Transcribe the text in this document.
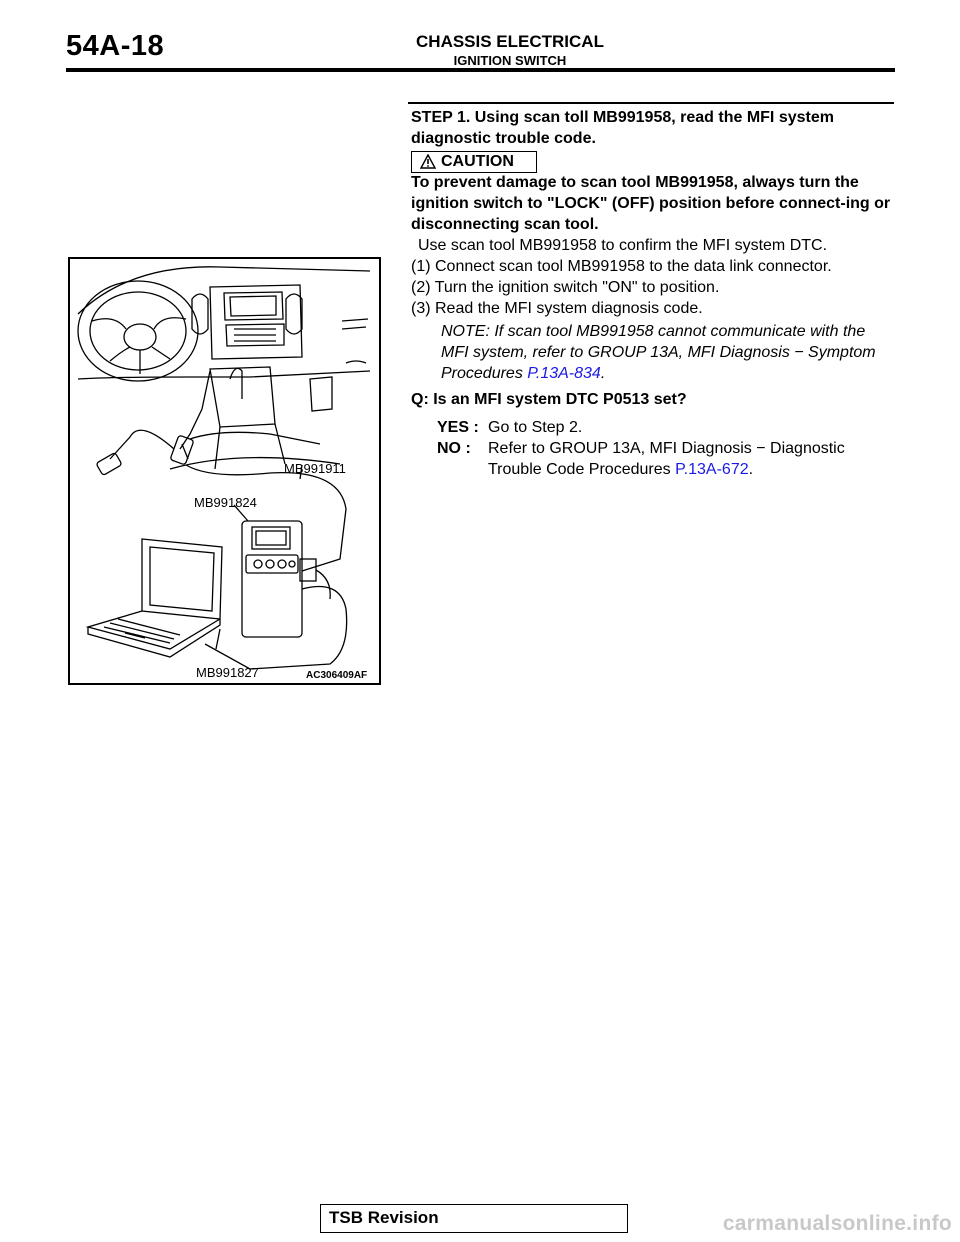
54A-18	CHASSIS ELECTRICAL
IGNITION SWITCH
MB991911
MB991824
MB991827	AC306409AF
STEP 1. Using scan toll MB991958, read the MFI system diagnostic trouble code.
CAUTION
To prevent damage to scan tool MB991958, always turn the ignition switch to "LOCK" (OFF) position before connect-ing or disconnecting scan tool.
Use scan tool MB991958 to confirm the MFI system DTC.
(1) Connect scan tool MB991958 to the data link connector.
(2) Turn the ignition switch "ON" to position.
(3) Read the MFI system diagnosis code.
NOTE: If scan tool MB991958 cannot communicate with the MFI system, refer to GROUP 13A, MFI Diagnosis − Symptom Procedures P.13A-834.
Q: Is an MFI system DTC P0513 set?
YES : Go to Step 2.
NO : Refer to GROUP 13A, MFI Diagnosis − Diagnostic Trouble Code Procedures P.13A-672.
TSB Revision	carmanualsonline.info
